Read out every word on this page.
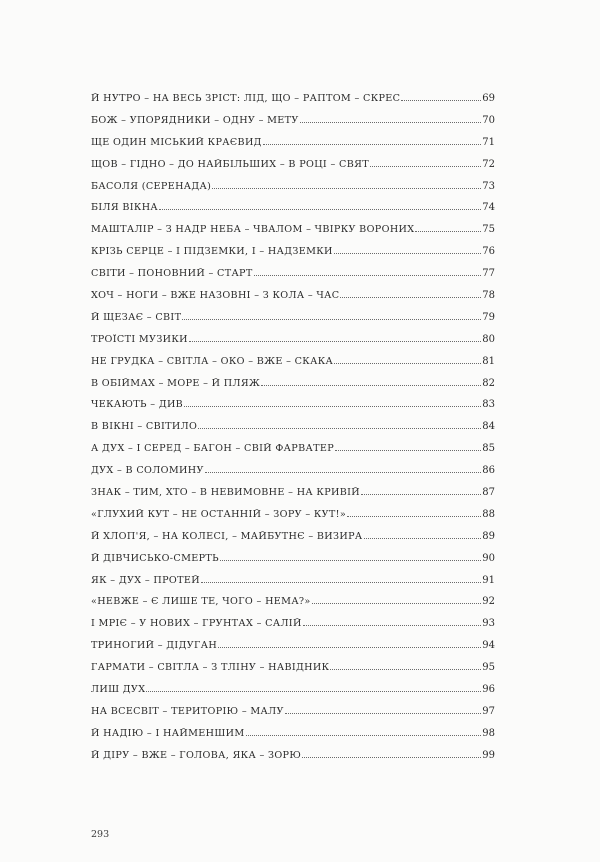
Й НУТРО – НА ВЕСЬ ЗРІСТ: ЛІД, ЩО – РАПТОМ – СКРЕС	69
БОЖ – УПОРЯДНИКИ – ОДНУ – МЕТУ	70
ЩЕ ОДИН МІСЬКИЙ КРАЄВИД	71
ЩОВ – ГІДНО – ДО НАЙБІЛЬШИХ – В РОЦІ – СВЯТ	72
БАСОЛЯ (СЕРЕНАДА)	73
БІЛЯ ВІКНА	74
МАШТАЛІР – З НАДР НЕБА – ЧВАЛОМ – ЧВІРКУ ВОРОНИХ	75
КРІЗЬ СЕРЦЕ – І ПІДЗЕМКИ, І – НАДЗЕМКИ	76
СВІТИ – ПОНОВНИЙ – СТАРТ	77
ХОЧ – НОГИ – ВЖЕ НАЗОВНІ – З КОЛА – ЧАС	78
Й ЩЕЗАЄ – СВІТ	79
ТРОЇСТІ МУЗИКИ	80
НЕ ГРУДКА – СВІТЛА – ОКО – ВЖЕ – СКАКА	81
В ОБІЙМАХ – МОРЕ – Й ПЛЯЖ	82
ЧЕКАЮТЬ – ДИВ	83
В ВІКНІ – СВІТИЛО	84
А ДУХ – І СЕРЕД – БАГОН – СВІЙ ФАРВАТЕР	85
ДУХ – В СОЛОМИНУ	86
ЗНАК – ТИМ, ХТО – В НЕВИМОВНЕ – НА КРИВІЙ	87
«ГЛУХИЙ КУТ – НЕ ОСТАННІЙ – ЗОРУ – КУТ!»	88
Й ХЛОП'Я, – НА КОЛЕСІ, – МАЙБУТНЄ – ВИЗИРА	89
Й ДІВЧИСЬКО-СМЕРТЬ	90
ЯК – ДУХ – ПРОТЕЙ	91
«НЕВЖЕ – Є ЛИШЕ ТЕ, ЧОГО – НЕМА?»	92
І МРІЄ – У НОВИХ – ГРУНТАХ – САЛІЙ	93
ТРИНОГИЙ – ДІДУГАН	94
ГАРМАТИ – СВІТЛА – З ТЛІНУ – НАВІДНИК	95
ЛИШ ДУХ	96
НА ВСЕСВІТ – ТЕРИТОРІЮ – МАЛУ	97
Й НАДІЮ – І НАЙМЕНШИМ	98
Й ДІРУ – ВЖЕ – ГОЛОВА, ЯКА – ЗОРЮ	99
293
